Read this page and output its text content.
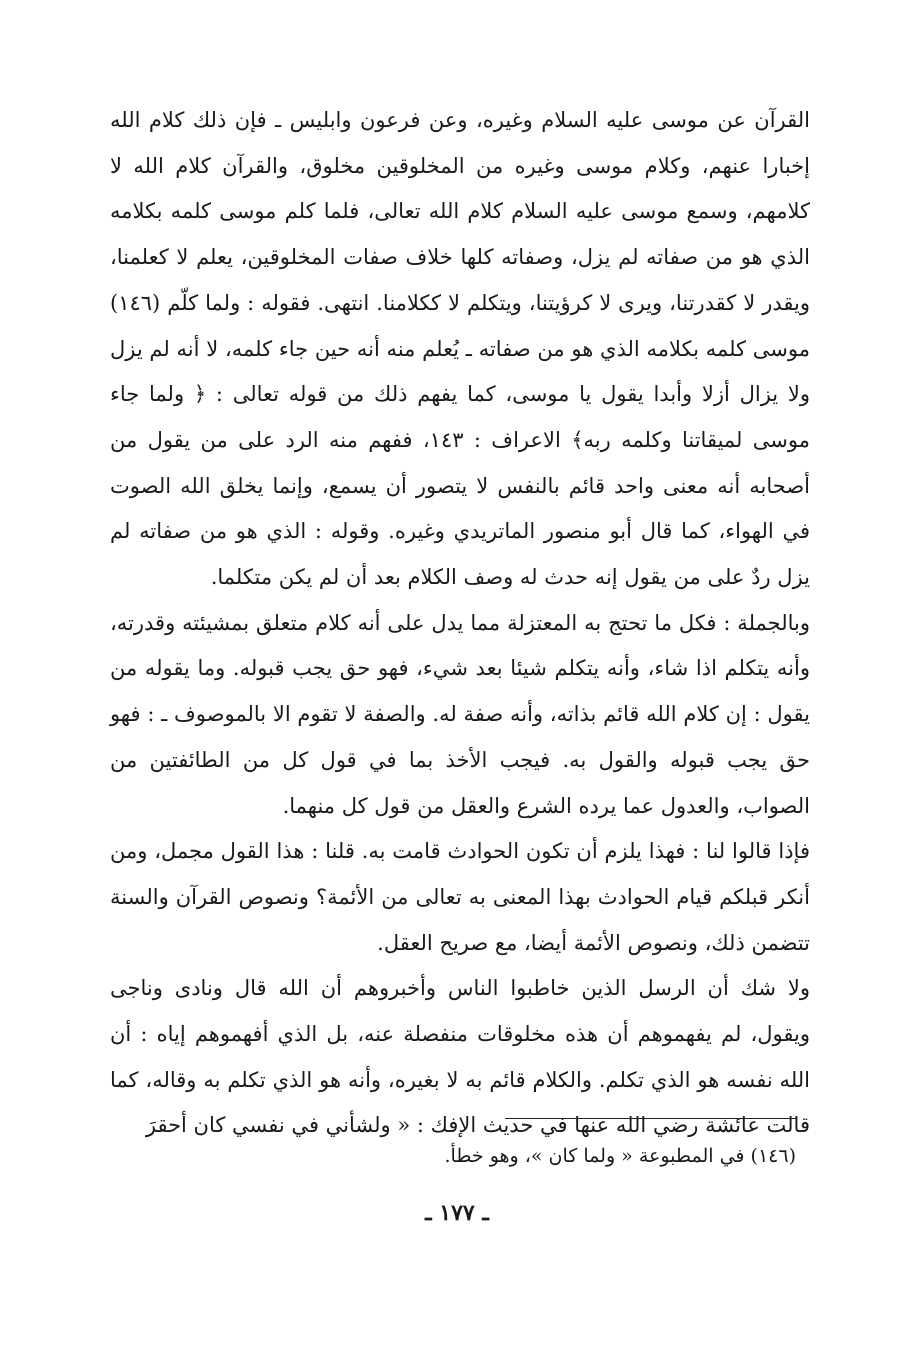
القرآن عن موسى عليه السلام وغيره، وعن فرعون وابليس ـ فإن ذلك كلام الله إخبارا عنهم، وكلام موسى وغيره من المخلوقين مخلوق، والقرآن كلام الله لا كلامهم، وسمع موسى عليه السلام كلام الله تعالى، فلما كلم موسى كلمه بكلامه الذي هو من صفاته لم يزل، وصفاته كلها خلاف صفات المخلوقين، يعلم لا كعلمنا، ويقدر لا كقدرتنا، ويرى لا كرؤيتنا، ويتكلم لا ككلامنا. انتهى. فقوله : ولما كلّم (١٤٦) موسى كلمه بكلامه الذي هو من صفاته ـ يُعلم منه أنه حين جاء كلمه، لا أنه لم يزل ولا يزال أزلا وأبدا يقول يا موسى، كما يفهم ذلك من قوله تعالى : ﴿ ولما جاء موسى لميقاتنا وكلمه ربه﴾ الاعراف : ١٤٣، ففهم منه الرد على من يقول من أصحابه أنه معنى واحد قائم بالنفس لا يتصور أن يسمع، وإنما يخلق الله الصوت في الهواء، كما قال أبو منصور الماتريدي وغيره. وقوله : الذي هو من صفاته لم يزل ردٌ على من يقول إنه حدث له وصف الكلام بعد أن لم يكن متكلما.

وبالجملة : فكل ما تحتج به المعتزلة مما يدل على أنه كلام متعلق بمشيئته وقدرته، وأنه يتكلم اذا شاء، وأنه يتكلم شيئا بعد شيء، فهو حق يجب قبوله. وما يقوله من يقول : إن كلام الله قائم بذاته، وأنه صفة له. والصفة لا تقوم الا بالموصوف ـ : فهو حق يجب قبوله والقول به. فيجب الأخذ بما في قول كل من الطائفتين من الصواب، والعدول عما يرده الشرع والعقل من قول كل منهما.

فإذا قالوا لنا : فهذا يلزم أن تكون الحوادث قامت به. قلنا : هذا القول مجمل، ومن أنكر قبلكم قيام الحوادث بهذا المعنى به تعالى من الأئمة؟ ونصوص القرآن والسنة تتضمن ذلك، ونصوص الأئمة أيضا، مع صريح العقل.

ولا شك أن الرسل الذين خاطبوا الناس وأخبروهم أن الله قال ونادى وناجى ويقول، لم يفهموهم أن هذه مخلوقات منفصلة عنه، بل الذي أفهموهم إياه : أن الله نفسه هو الذي تكلم. والكلام قائم به لا بغيره، وأنه هو الذي تكلم به وقاله، كما قالت عائشة رضي الله عنها في حديث الإفك : « ولشأني في نفسي كان أحقرَ

(١٤٦) في المطبوعة « ولما كان »، وهو خطأ.
ـ ١٧٧ ـ
